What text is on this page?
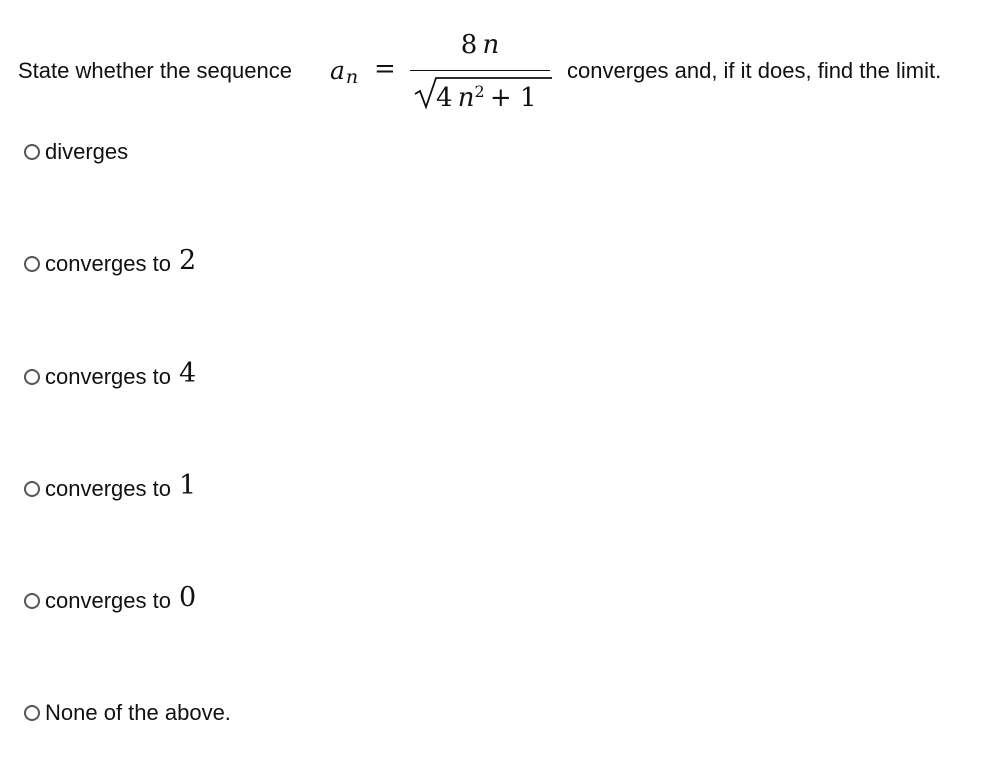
State whether the sequence $a_n$ =
8  n
4  $n^2 + 1$
converges and, if it does, find the limit.
diverges
converges to 2
converges to 4
converges to 1
converges to 0
None of the above.
